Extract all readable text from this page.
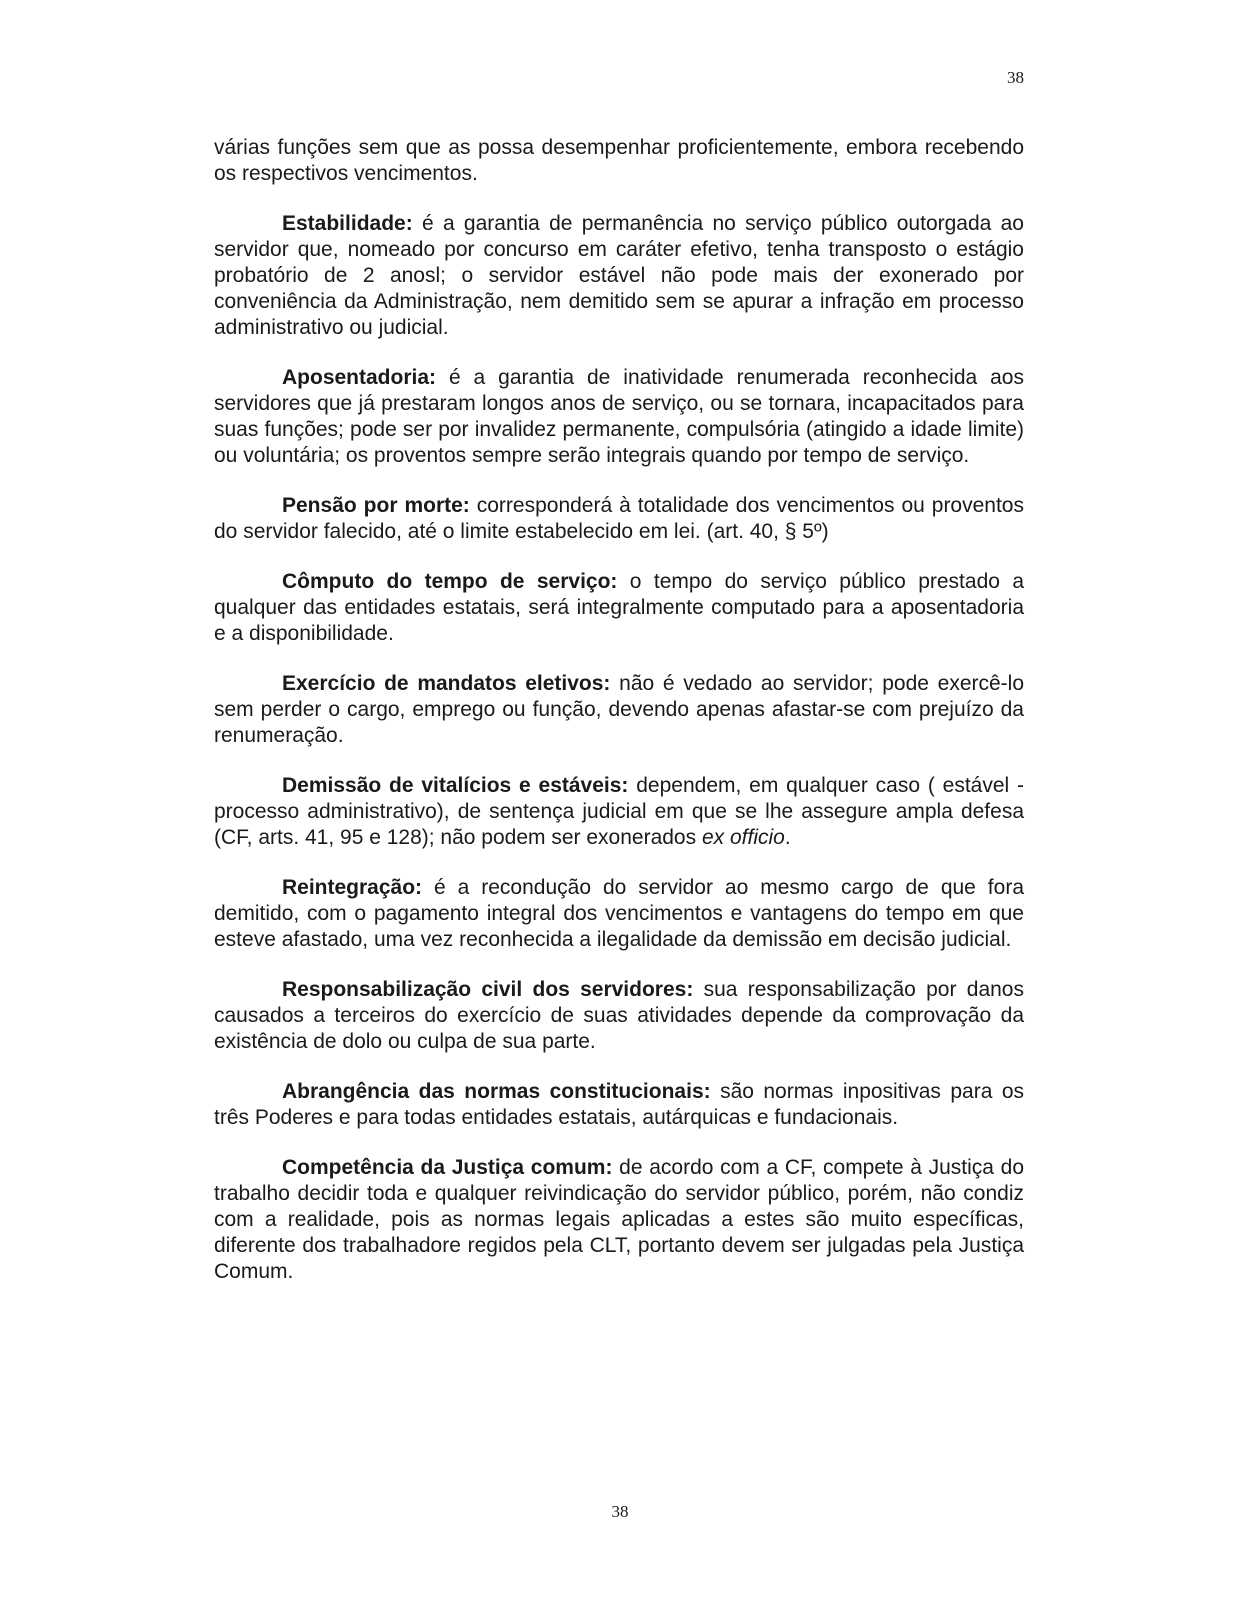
38

várias funções sem que as possa desempenhar proficientemente, embora recebendo os respectivos vencimentos.

Estabilidade: é a garantia de permanência no serviço público outorgada ao servidor que, nomeado por concurso em caráter efetivo, tenha transposto o estágio probatório de 2 anosl; o servidor estável não pode mais der exonerado por conveniência da Administração, nem demitido sem se apurar a infração em processo administrativo ou judicial.

Aposentadoria: é a garantia de inatividade renumerada reconhecida aos servidores que já prestaram longos anos de serviço, ou se tornara, incapacitados para suas funções; pode ser por invalidez permanente, compulsória (atingido a idade limite) ou voluntária; os proventos sempre serão integrais quando por tempo de serviço.

Pensão por morte: corresponderá à totalidade dos vencimentos ou proventos do servidor falecido, até o limite estabelecido em lei. (art. 40, § 5º)

Cômputo do tempo de serviço: o tempo do serviço público prestado a qualquer das entidades estatais, será integralmente computado para a aposentadoria e a disponibilidade.

Exercício de mandatos eletivos: não é vedado ao servidor; pode exercê-lo sem perder o cargo, emprego ou função, devendo apenas afastar-se com prejuízo da renumeração.

Demissão de vitalícios e estáveis: dependem, em qualquer caso ( estável - processo administrativo), de sentença judicial em que se lhe assegure ampla defesa (CF, arts. 41, 95 e 128); não podem ser exonerados ex officio.

Reintegração: é a recondução do servidor ao mesmo cargo de que fora demitido, com o pagamento integral dos vencimentos e vantagens do tempo em que esteve afastado, uma vez reconhecida a ilegalidade da demissão em decisão judicial.

Responsabilização civil dos servidores: sua responsabilização por danos causados a terceiros do exercício de suas atividades depende da comprovação da existência de dolo ou culpa de sua parte.

Abrangência das normas constitucionais: são normas inpositivas para os três Poderes e para todas entidades estatais, autárquicas e fundacionais.

Competência da Justiça comum: de acordo com a CF, compete à Justiça do trabalho decidir toda e qualquer reivindicação do servidor público, porém, não condiz com a realidade, pois as normas legais aplicadas a estes são muito específicas, diferente dos trabalhadore regidos pela CLT, portanto devem ser julgadas pela Justiça Comum.

38
